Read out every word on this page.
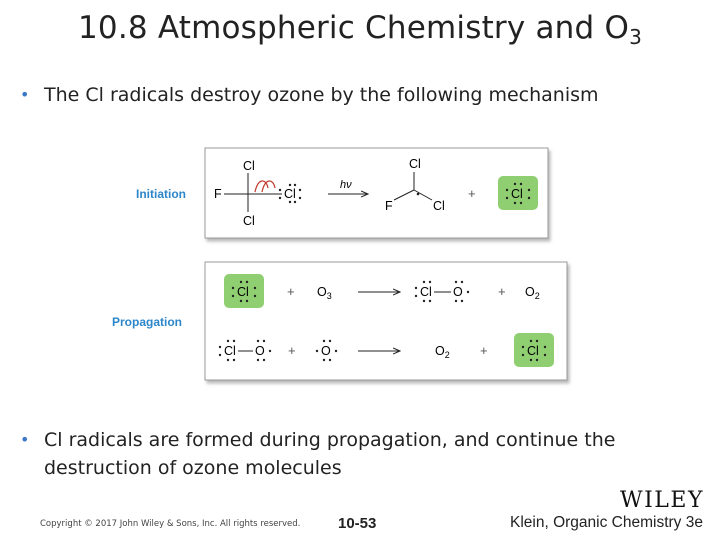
10.8 Atmospheric Chemistry and $O_3$
• The Cl radicals destroy ozone by the following mechanism
Initiation
Propagation
Cl
F
Cl
Cl
hν
Cl
F	Cl
+	Cl
Cl	+ $O_3$	Cl O	+ $O_2$
Cl O + O	$O_2$ +	Cl
• Cl radicals are formed during propagation, and continue the
destruction of ozone molecules
WILEY
Copyright © 2017 John Wiley & Sons, Inc. All rights reserved.	10-53	Klein, Organic Chemistry 3e
